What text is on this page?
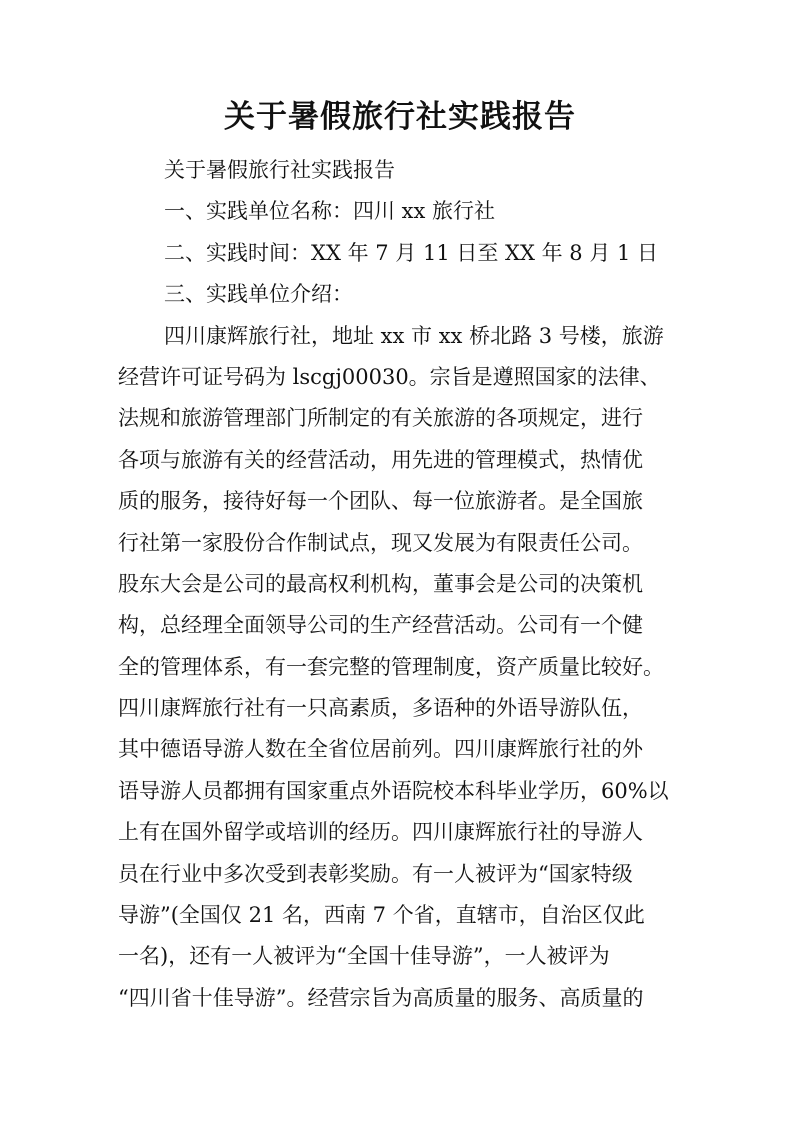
关于暑假旅行社实践报告
关于暑假旅行社实践报告
一、实践单位名称：四川 xx 旅行社
二、实践时间：XX 年 7 月 11 日至 XX 年 8 月 1 日
三、实践单位介绍：
四川康辉旅行社，地址 xx 市 xx 桥北路 3 号楼，旅游
经营许可证号码为 lscgj00030。宗旨是遵照国家的法律、
法规和旅游管理部门所制定的有关旅游的各项规定，进行
各项与旅游有关的经营活动，用先进的管理模式，热情优
质的服务，接待好每一个团队、每一位旅游者。是全国旅
行社第一家股份合作制试点，现又发展为有限责任公司。
股东大会是公司的最高权利机构，董事会是公司的决策机
构，总经理全面领导公司的生产经营活动。公司有一个健
全的管理体系，有一套完整的管理制度，资产质量比较好。
四川康辉旅行社有一只高素质，多语种的外语导游队伍，
其中德语导游人数在全省位居前列。四川康辉旅行社的外
语导游人员都拥有国家重点外语院校本科毕业学历，60%以
上有在国外留学或培训的经历。四川康辉旅行社的导游人
员在行业中多次受到表彰奖励。有一人被评为“国家特级
导游”(全国仅 21 名，西南 7 个省，直辖市，自治区仅此
一名)，还有一人被评为“全国十佳导游”，一人被评为
“四川省十佳导游”。经营宗旨为高质量的服务、高质量的
